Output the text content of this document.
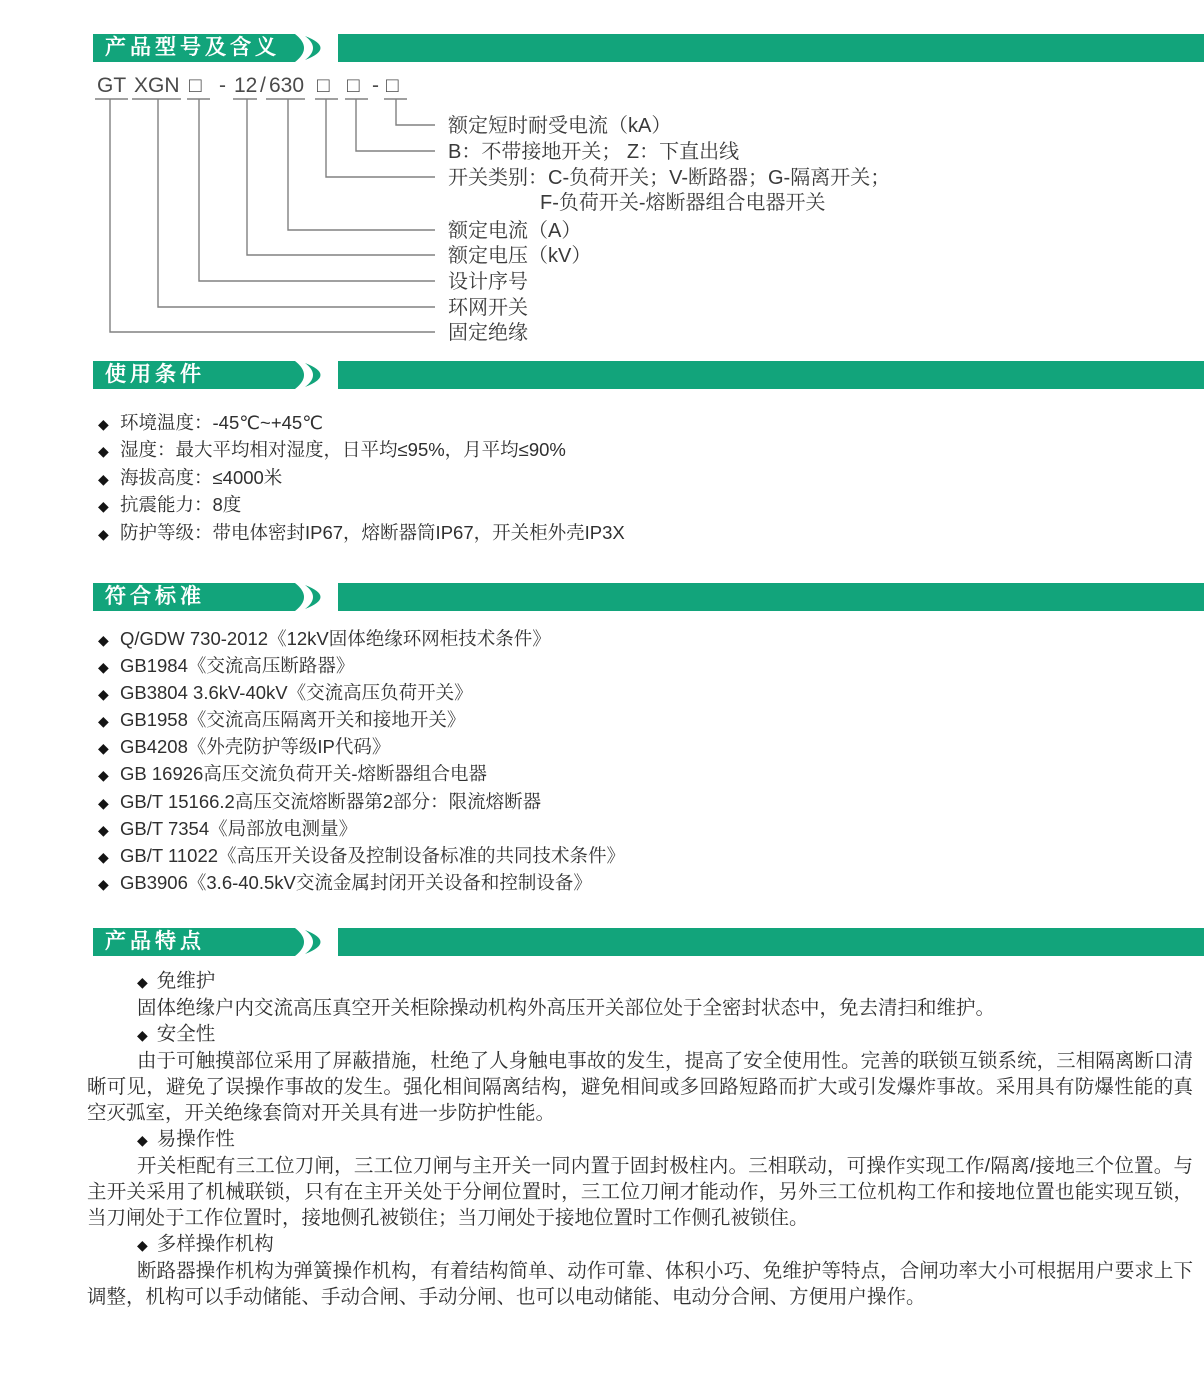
产品型号及含义
GT XGN □ - 12 / 630 □ □ - □
额定短时耐受电流（kA）
B：不带接地开关； Z：下直出线
开关类别：C-负荷开关；V-断路器；G-隔离开关；
F-负荷开关-熔断器组合电器开关
额定电流（A）
额定电压（kV）
设计序号
环网开关
固定绝缘
使用条件
◆ 环境温度：-45℃~+45℃
◆ 湿度：最大平均相对湿度，日平均≤95%，月平均≤90%
◆ 海拔高度：≤4000米
◆ 抗震能力：8度
◆ 防护等级：带电体密封IP67，熔断器筒IP67，开关柜外壳IP3X
符合标准
◆ Q/GDW 730-2012《12kV固体绝缘环网柜技术条件》
◆ GB1984《交流高压断路器》
◆ GB3804 3.6kV-40kV《交流高压负荷开关》
◆ GB1958《交流高压隔离开关和接地开关》
◆ GB4208《外壳防护等级IP代码》
◆ GB 16926高压交流负荷开关-熔断器组合电器
◆ GB/T 15166.2高压交流熔断器第2部分：限流熔断器
◆ GB/T 7354《局部放电测量》
◆ GB/T 11022《高压开关设备及控制设备标准的共同技术条件》
◆ GB3906《3.6-40.5kV交流金属封闭开关设备和控制设备》
产品特点
◆ 免维护

固体绝缘户内交流高压真空开关柜除操动机构外高压开关部位处于全密封状态中，免去清扫和维护。

◆ 安全性

由于可触摸部位采用了屏蔽措施，杜绝了人身触电事故的发生，提高了安全使用性。完善的联锁互锁系统，三相隔离断口清晰可见，避免了误操作事故的发生。强化相间隔离结构，避免相间或多回路短路而扩大或引发爆炸事故。采用具有防爆性能的真空灭弧室，开关绝缘套筒对开关具有进一步防护性能。

◆ 易操作性

开关柜配有三工位刀闸，三工位刀闸与主开关一同内置于固封极柱内。三相联动，可操作实现工作/隔离/接地三个位置。与主开关采用了机械联锁，只有在主开关处于分闸位置时，三工位刀闸才能动作，另外三工位机构工作和接地位置也能实现互锁，当刀闸处于工作位置时，接地侧孔被锁住；当刀闸处于接地位置时工作侧孔被锁住。

◆ 多样操作机构

断路器操作机构为弹簧操作机构，有着结构简单、动作可靠、体积小巧、免维护等特点，合闸功率大小可根据用户要求上下调整，机构可以手动储能、手动合闸、手动分闸、也可以电动储能、电动分合闸、方便用户操作。
